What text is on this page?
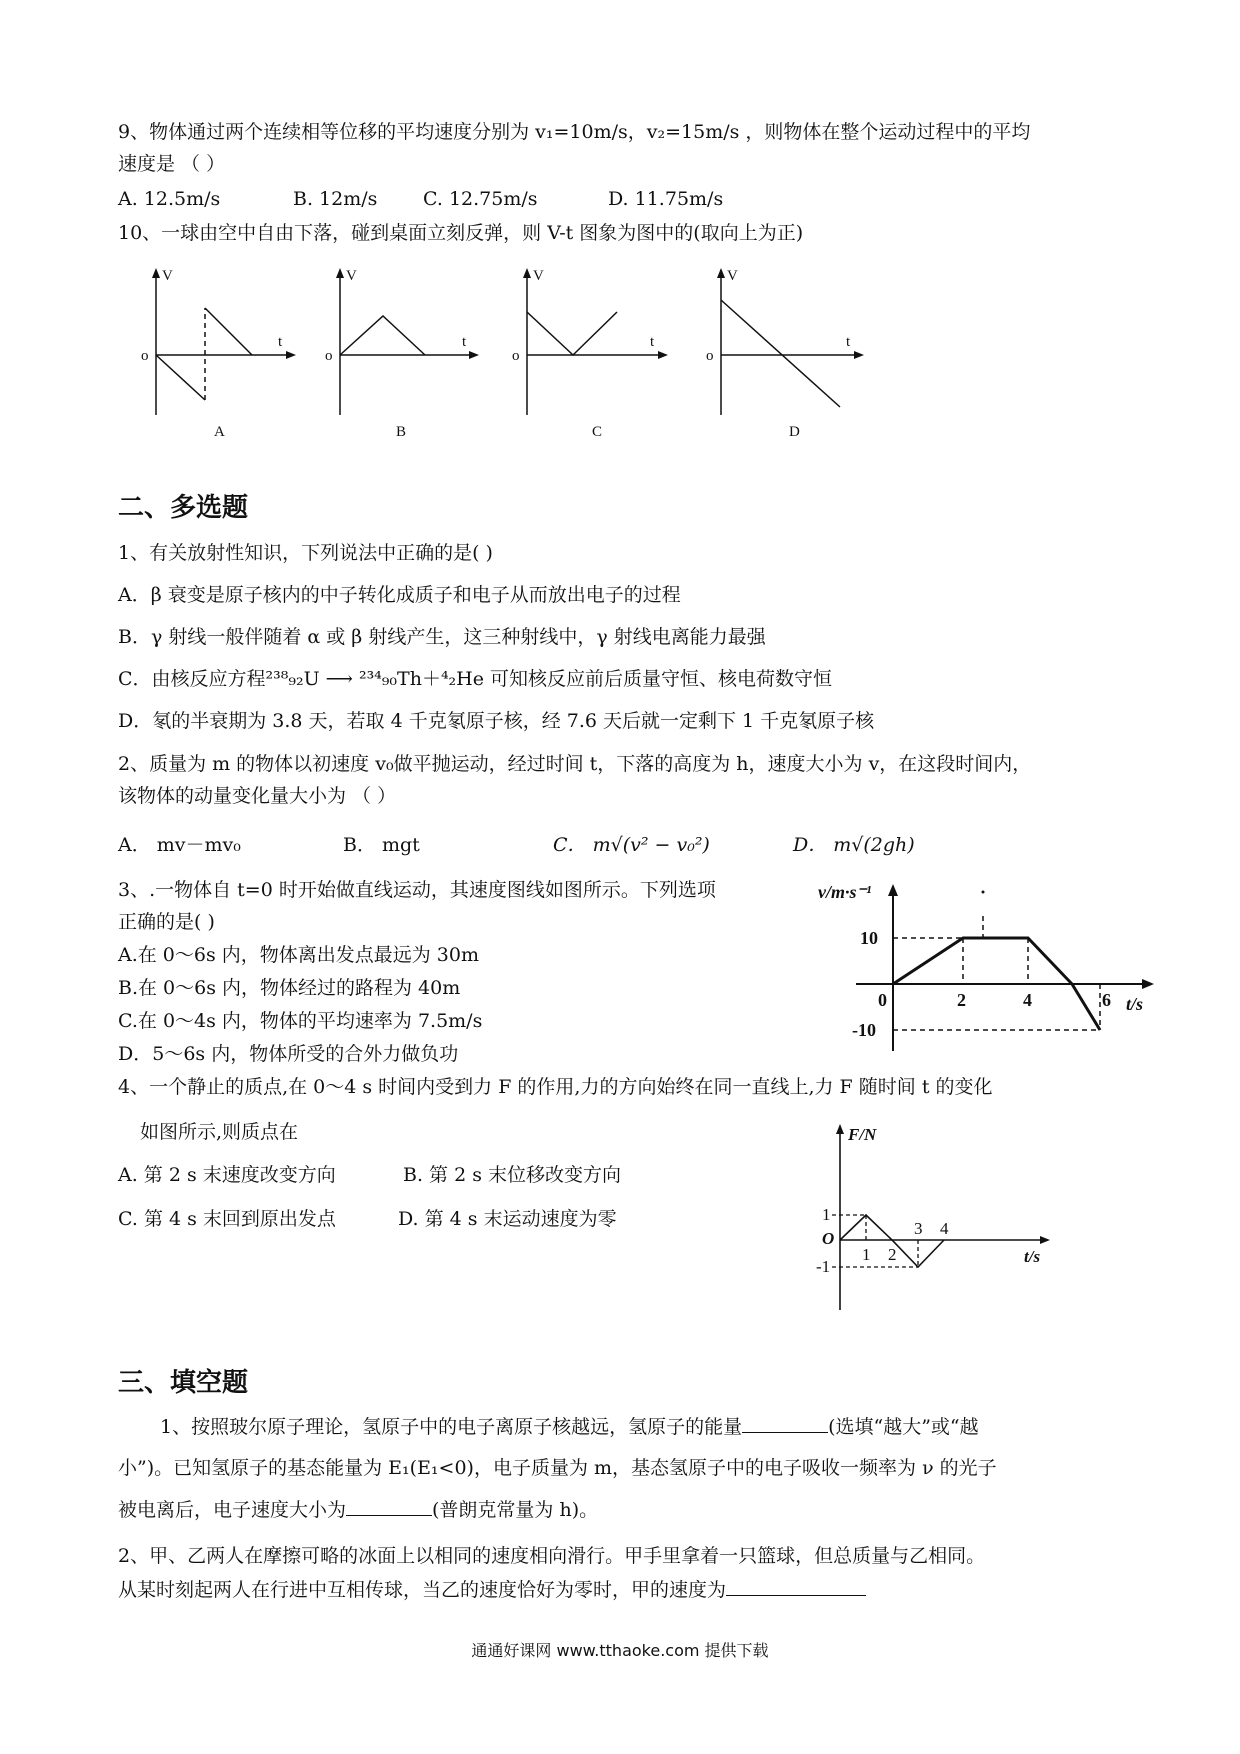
9、物体通过两个连续相等位移的平均速度分别为 v₁=10m/s，v₂=15m/s ，则物体在整个运动过程中的平均
速度是 （ ）
A. 12.5m/s	B. 12m/s C. 12.75m/s	D. 11.75m/s
10、一球由空中自由下落，碰到桌面立刻反弹，则 V-t 图象为图中的(取向上为正)
V
t
o
V
t
o
V
t
o
V
t
o
A	B	C	D
二、多选题
1、有关放射性知识，下列说法中正确的是( )
A．β 衰变是原子核内的中子转化成质子和电子从而放出电子的过程
B．γ 射线一般伴随着 α 或 β 射线产生，这三种射线中，γ 射线电离能力最强
C．由核反应方程²³⁸₉₂U ⟶ ²³⁴₉₀Th＋⁴₂He 可知核反应前后质量守恒、核电荷数守恒
D．氡的半衰期为 3.8 天，若取 4 千克氡原子核，经 7.6 天后就一定剩下 1 千克氡原子核
2、质量为 m 的物体以初速度 v₀做平抛运动，经过时间 t，下落的高度为 h，速度大小为 v，在这段时间内，
该物体的动量变化量大小为 （ ）
A． mv－mv₀	B． mgt	C． m√(v² − v₀²)	D． m√(2gh)
3、.一物体自 t=0 时开始做直线运动，其速度图线如图所示。下列选项
正确的是( )
A.在 0～6s 内，物体离出发点最远为 30m
B.在 0～6s 内，物体经过的路程为 40m
C.在 0～4s 内，物体的平均速率为 7.5m/s
D．5～6s 内，物体所受的合外力做负功
v/m·s⁻¹
t/s
10
-10
0	2	4	6
4、一个静止的质点,在 0～4 s 时间内受到力 F 的作用,力的方向始终在同一直线上,力 F 随时间 t 的变化
如图所示,则质点在
A. 第 2 s 末速度改变方向	B. 第 2 s 末位移改变方向
C. 第 4 s 末回到原出发点	D. 第 4 s 末运动速度为零
F/N
t/s
O
1
-1
1 2
3 4
三、填空题
1、按照玻尔原子理论，氢原子中的电子离原子核越远，氢原子的能量	(选填“越大”或“越
小”)。已知氢原子的基态能量为 E₁(E₁<0)，电子质量为 m，基态氢原子中的电子吸收一频率为 ν 的光子
被电离后，电子速度大小为	(普朗克常量为 h)。
2、甲、乙两人在摩擦可略的冰面上以相同的速度相向滑行。甲手里拿着一只篮球，但总质量与乙相同。
从某时刻起两人在行进中互相传球，当乙的速度恰好为零时，甲的速度为
通通好课网 www.tthaoke.com 提供下载
